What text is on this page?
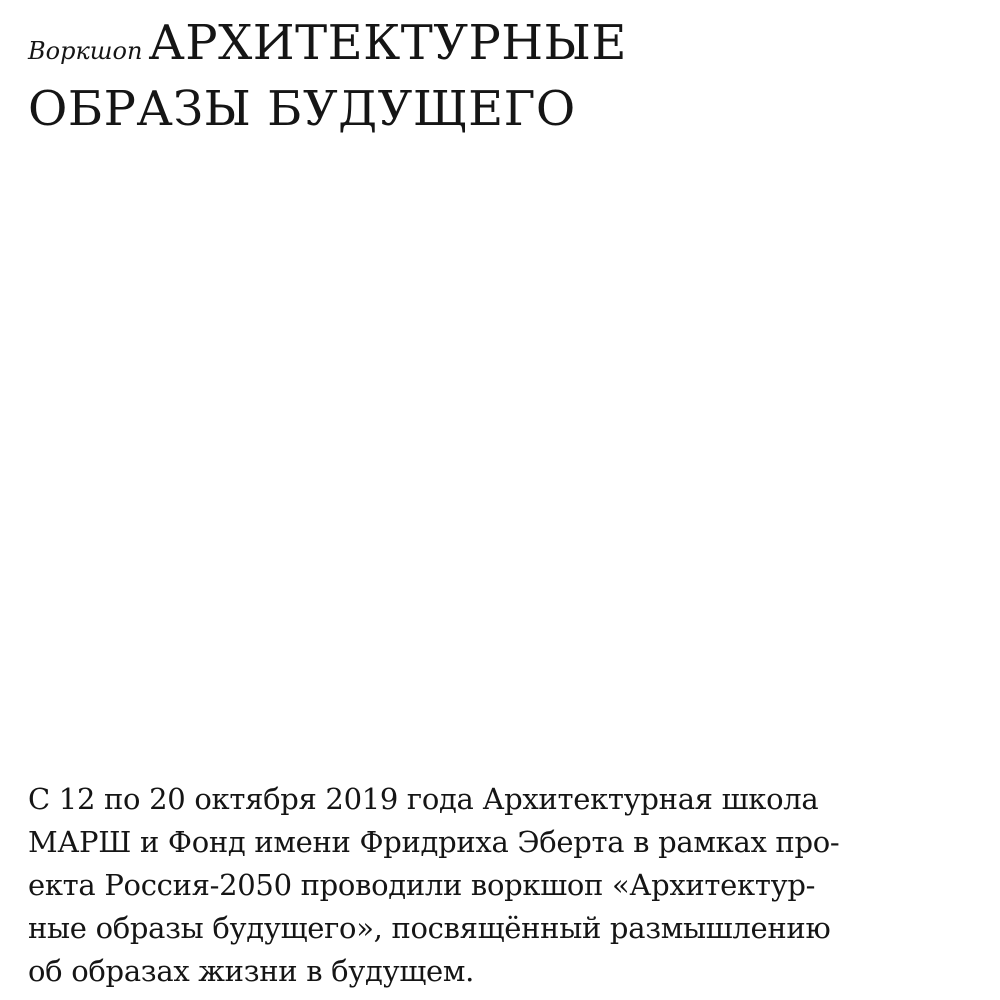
Воркшоп АРХИТЕКТУРНЫЕ
ОБРАЗЫ БУДУЩЕГО

С 12 по 20 октября 2019 года Архитектурная школа
МАРШ и Фонд имени Фридриха Эберта в рамках про-
екта Россия-2050 проводили воркшоп «Архитектур-
ные образы будущего», посвящённый размышлению
об образах жизни в будущем.
